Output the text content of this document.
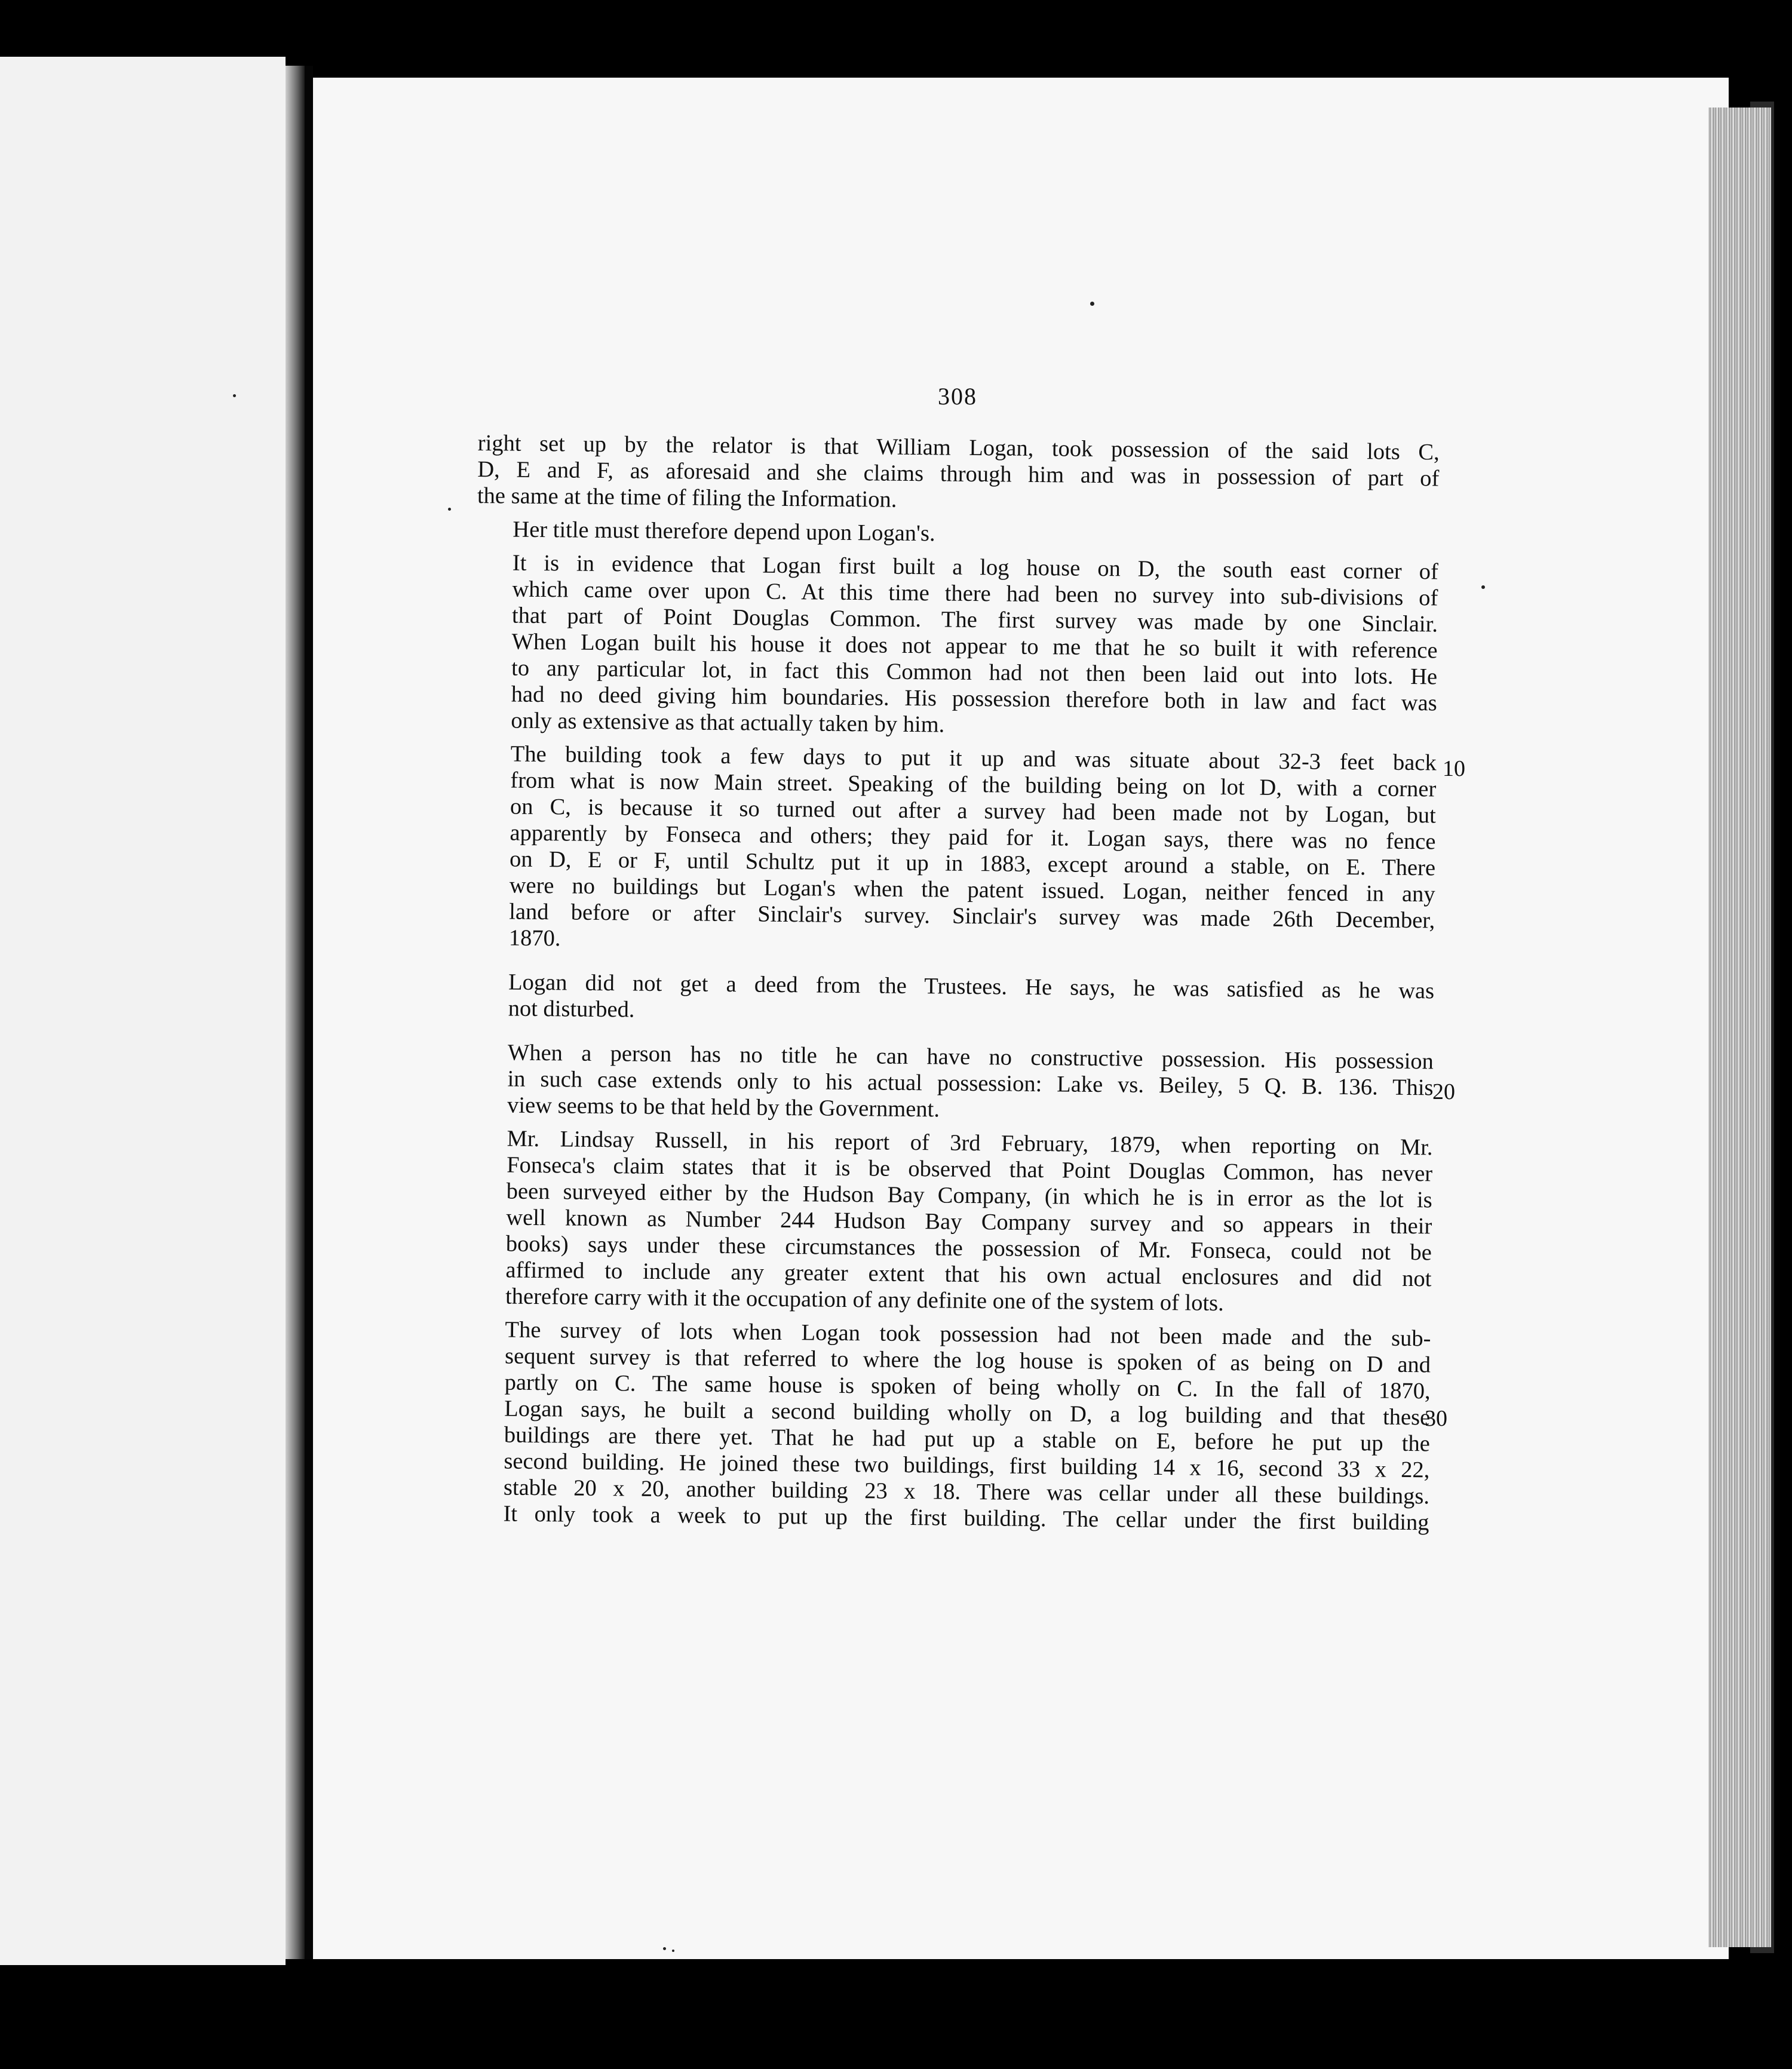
308
right set up by the relator is that William Logan, took possession of the said lots C,
D, E and F, as aforesaid and she claims through him and was in possession of part of
the same at the time of filing the Information.
Her title must therefore depend upon Logan's.
It is in evidence that Logan first built a log house on D, the south east corner of
which came over upon C. At this time there had been no survey into sub-divisions of
that part of Point Douglas Common. The first survey was made by one Sinclair.
When Logan built his house it does not appear to me that he so built it with reference
to any particular lot, in fact this Common had not then been laid out into lots. He
had no deed giving him boundaries. His possession therefore both in law and fact was
only as extensive as that actually taken by him.
The building took a few days to put it up and was situate about 32-3 feet back
from what is now Main street. Speaking of the building being on lot D, with a corner
on C, is because it so turned out after a survey had been made not by Logan, but
apparently by Fonseca and others; they paid for it. Logan says, there was no fence
on D, E or F, until Schultz put it up in 1883, except around a stable, on E. There
were no buildings but Logan's when the patent issued. Logan, neither fenced in any
land before or after Sinclair's survey. Sinclair's survey was made 26th December,
1870.
Logan did not get a deed from the Trustees. He says, he was satisfied as he was
not disturbed.
When a person has no title he can have no constructive possession. His possession
in such case extends only to his actual possession: Lake vs. Beiley, 5 Q. B. 136. This
view seems to be that held by the Government.
Mr. Lindsay Russell, in his report of 3rd February, 1879, when reporting on Mr.
Fonseca's claim states that it is be observed that Point Douglas Common, has never
been surveyed either by the Hudson Bay Company, (in which he is in error as the lot is
well known as Number 244 Hudson Bay Company survey and so appears in their
books) says under these circumstances the possession of Mr. Fonseca, could not be
affirmed to include any greater extent that his own actual enclosures and did not
therefore carry with it the occupation of any definite one of the system of lots.
The survey of lots when Logan took possession had not been made and the sub-
sequent survey is that referred to where the log house is spoken of as being on D and
partly on C. The same house is spoken of being wholly on C. In the fall of 1870,
Logan says, he built a second building wholly on D, a log building and that these
buildings are there yet. That he had put up a stable on E, before he put up the
second building. He joined these two buildings, first building 14 x 16, second 33 x 22,
stable 20 x 20, another building 23 x 18. There was cellar under all these buildings.
It only took a week to put up the first building. The cellar under the first building
10
20
30
